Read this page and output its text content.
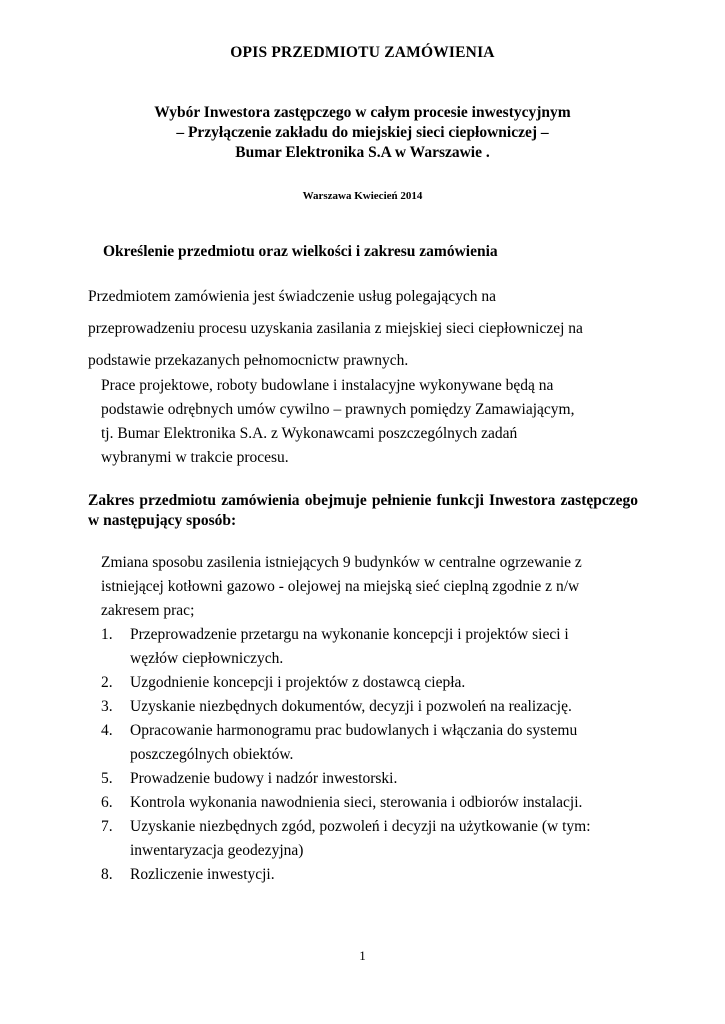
OPIS PRZEDMIOTU ZAMÓWIENIA
Wybór Inwestora zastępczego w całym procesie inwestycyjnym
– Przyłączenie zakładu do miejskiej sieci ciepłowniczej –
Bumar Elektronika S.A w Warszawie .
Warszawa Kwiecień 2014
Określenie przedmiotu oraz wielkości i zakresu zamówienia
Przedmiotem zamówienia jest świadczenie usług polegających na
przeprowadzeniu procesu uzyskania zasilania z miejskiej sieci ciepłowniczej na
podstawie przekazanych pełnomocnictw prawnych.
Prace projektowe, roboty budowlane i instalacyjne wykonywane będą na
podstawie odrębnych umów cywilno – prawnych pomiędzy Zamawiającym,
tj. Bumar Elektronika S.A. z Wykonawcami poszczególnych zadań
wybranymi w trakcie procesu.
Zakres przedmiotu zamówienia obejmuje pełnienie funkcji Inwestora zastępczego w następujący sposób:
Zmiana sposobu zasilenia istniejących 9 budynków w centralne ogrzewanie z
istniejącej kotłowni gazowo - olejowej na miejską sieć cieplną zgodnie z n/w
zakresem prac;
1. Przeprowadzenie przetargu na wykonanie koncepcji i projektów sieci i
węzłów ciepłowniczych.
2. Uzgodnienie koncepcji i projektów z dostawcą ciepła.
3. Uzyskanie niezbędnych dokumentów, decyzji i pozwoleń na realizację.
4. Opracowanie harmonogramu prac budowlanych i włączania do systemu
poszczególnych obiektów.
5. Prowadzenie budowy i nadzór inwestorski.
6. Kontrola wykonania nawodnienia sieci, sterowania i odbiorów instalacji.
7. Uzyskanie niezbędnych zgód, pozwoleń i decyzji na użytkowanie (w tym:
inwentaryzacja geodezyjna)
8. Rozliczenie inwestycji.
1
